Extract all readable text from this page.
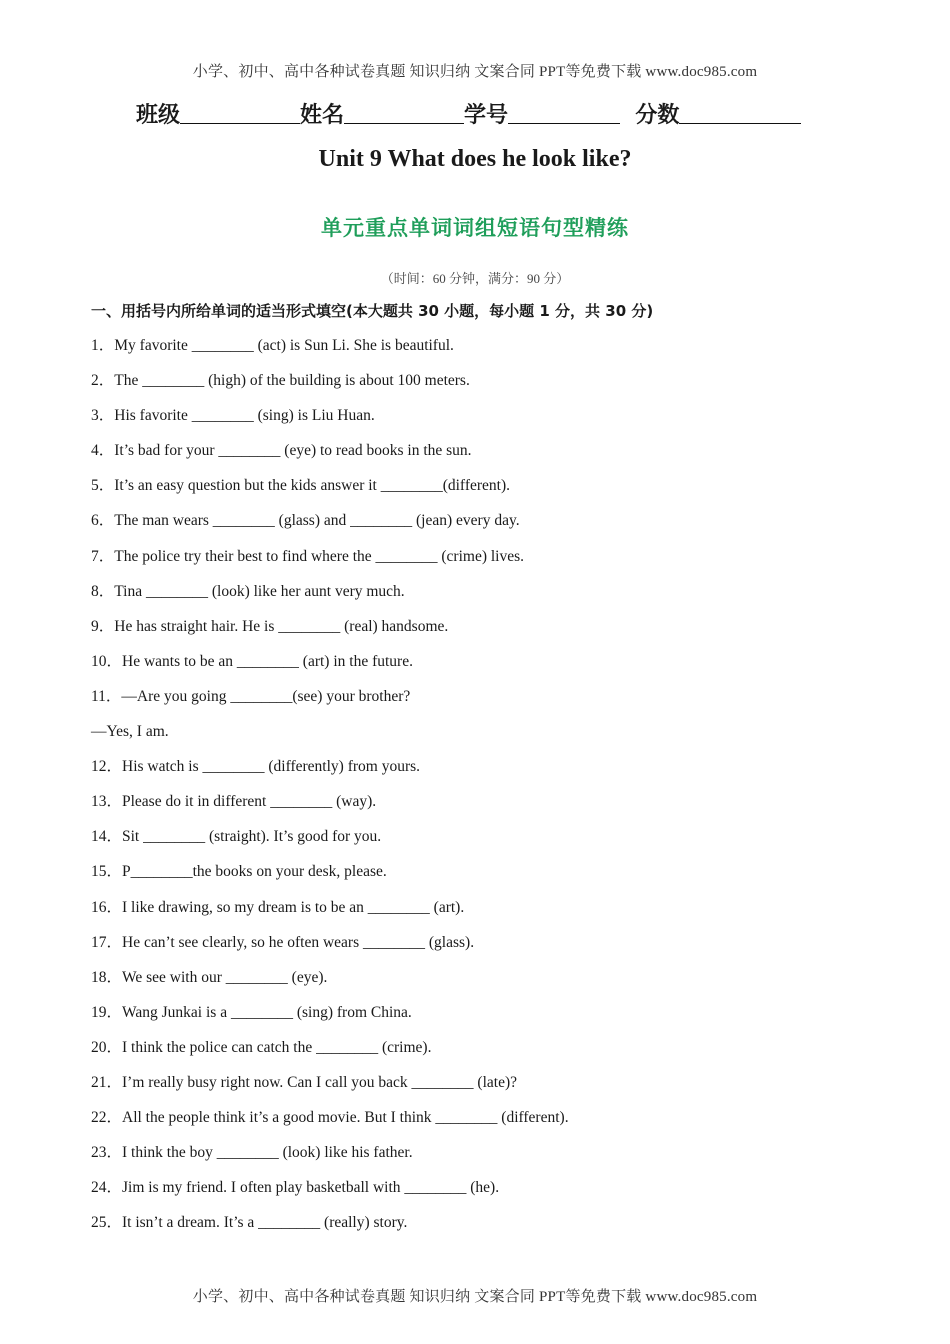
小学、初中、高中各种试卷真题 知识归纳 文案合同 PPT等免费下载 www.doc985.com
班级	姓名	学号	分数
Unit 9 What does he look like?
单元重点单词词组短语句型精练
（时间：60 分钟，满分：90 分）
一、用括号内所给单词的适当形式填空(本大题共 30 小题，每小题 1 分，共 30 分)
1．My favorite ________ (act) is Sun Li. She is beautiful.
2．The ________ (high) of the building is about 100 meters.
3．His favorite ________ (sing) is Liu Huan.
4．It’s bad for your ________ (eye) to read books in the sun.
5．It’s an easy question but the kids answer it ________(different).
6．The man wears ________ (glass) and ________ (jean) every day.
7．The police try their best to find where the ________ (crime) lives.
8．Tina ________ (look) like her aunt very much.
9．He has straight hair. He is ________ (real) handsome.
10．He wants to be an ________ (art) in the future.
11．—Are you going ________(see) your brother?
—Yes, I am.
12．His watch is ________ (differently) from yours.
13．Please do it in different ________ (way).
14．Sit ________ (straight). It’s good for you.
15．P________the books on your desk, please.
16．I like drawing, so my dream is to be an ________ (art).
17．He can’t see clearly, so he often wears ________ (glass).
18．We see with our ________ (eye).
19．Wang Junkai is a ________ (sing) from China.
20．I think the police can catch the ________ (crime).
21．I’m really busy right now. Can I call you back ________ (late)?
22．All the people think it’s a good movie. But I think ________ (different).
23．I think the boy ________ (look) like his father.
24．Jim is my friend. I often play basketball with ________ (he).
25．It isn’t a dream. It’s a ________ (really) story.
小学、初中、高中各种试卷真题 知识归纳 文案合同 PPT等免费下载 www.doc985.com
